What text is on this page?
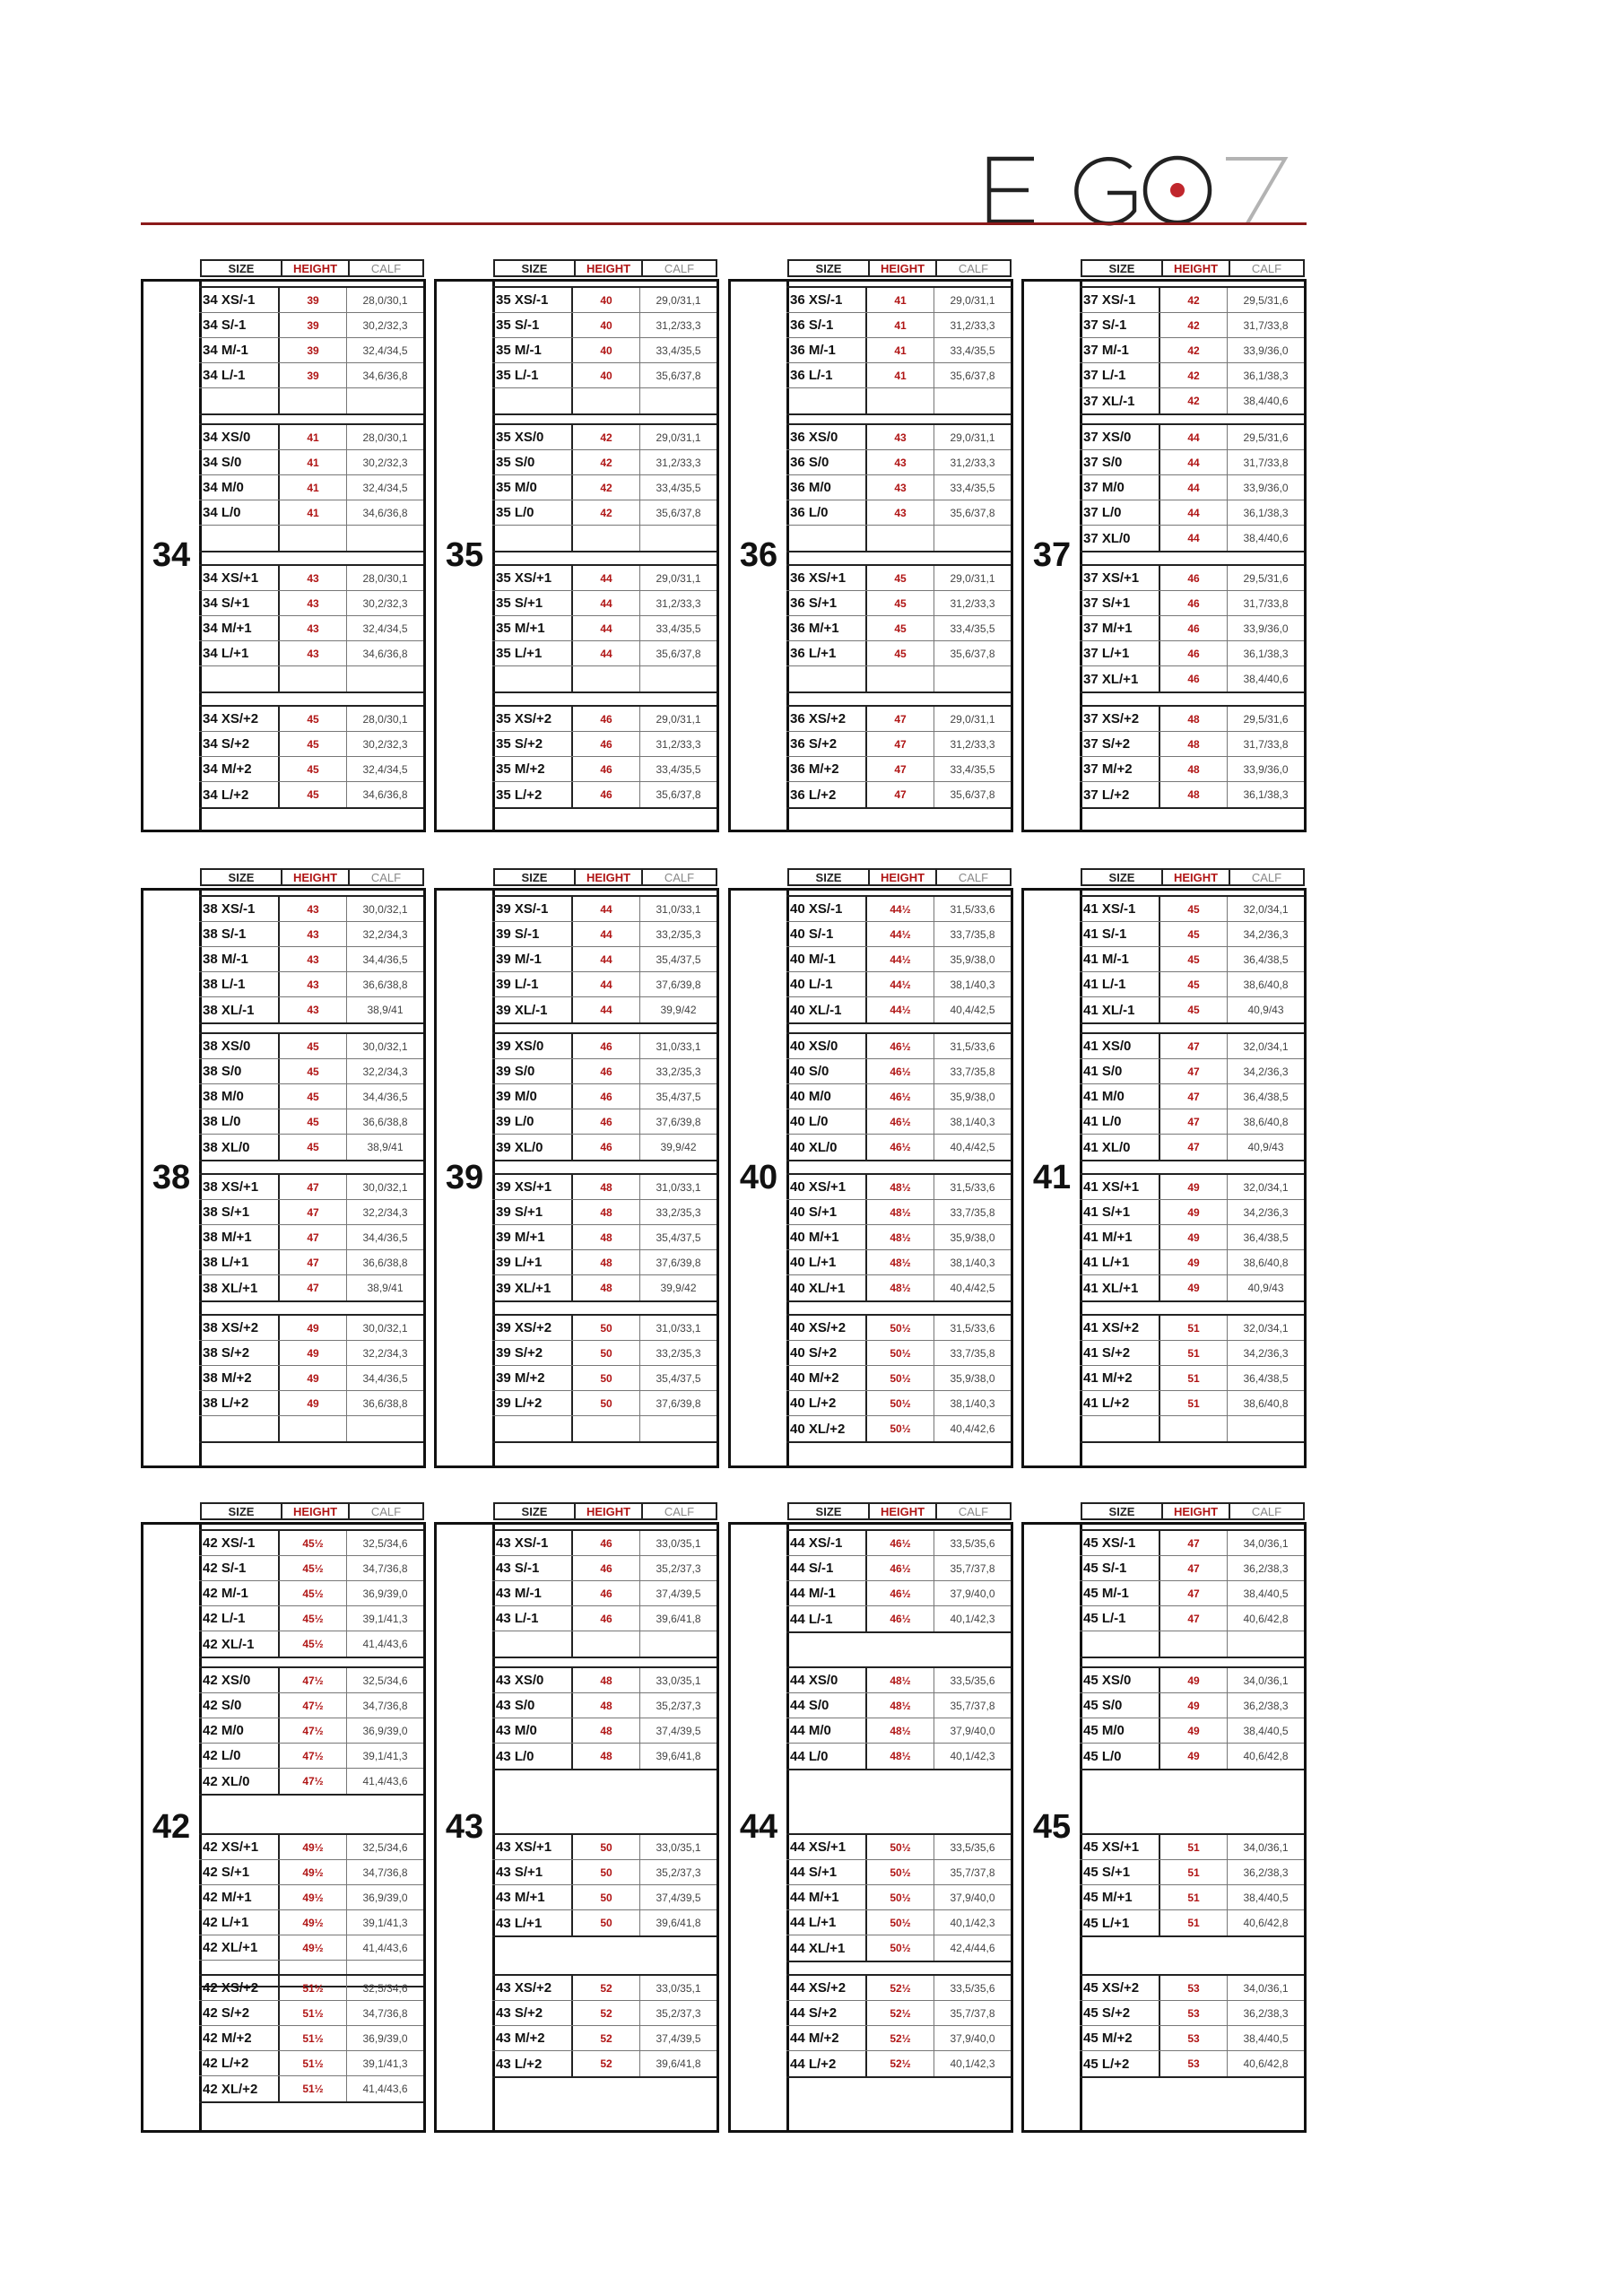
SIZE	HEIGHT	CALF
34
34 XS/-1	39	28,0/30,1
34 S/-1	39	30,2/32,3
34 M/-1	39	32,4/34,5
34 L/-1	39	34,6/36,8
34 XS/0	41	28,0/30,1
34 S/0	41	30,2/32,3
34 M/0	41	32,4/34,5
34 L/0	41	34,6/36,8
34 XS/+1	43	28,0/30,1
34 S/+1	43	30,2/32,3
34 M/+1	43	32,4/34,5
34 L/+1	43	34,6/36,8
34 XS/+2	45	28,0/30,1
34 S/+2	45	30,2/32,3
34 M/+2	45	32,4/34,5
34 L/+2	45	34,6/36,8
SIZE	HEIGHT	CALF
35
35 XS/-1	40	29,0/31,1
35 S/-1	40	31,2/33,3
35 M/-1	40	33,4/35,5
35 L/-1	40	35,6/37,8
35 XS/0	42	29,0/31,1
35 S/0	42	31,2/33,3
35 M/0	42	33,4/35,5
35 L/0	42	35,6/37,8
35 XS/+1	44	29,0/31,1
35 S/+1	44	31,2/33,3
35 M/+1	44	33,4/35,5
35 L/+1	44	35,6/37,8
35 XS/+2	46	29,0/31,1
35 S/+2	46	31,2/33,3
35 M/+2	46	33,4/35,5
35 L/+2	46	35,6/37,8
SIZE	HEIGHT	CALF
36
36 XS/-1	41	29,0/31,1
36 S/-1	41	31,2/33,3
36 M/-1	41	33,4/35,5
36 L/-1	41	35,6/37,8
36 XS/0	43	29,0/31,1
36 S/0	43	31,2/33,3
36 M/0	43	33,4/35,5
36 L/0	43	35,6/37,8
36 XS/+1	45	29,0/31,1
36 S/+1	45	31,2/33,3
36 M/+1	45	33,4/35,5
36 L/+1	45	35,6/37,8
36 XS/+2	47	29,0/31,1
36 S/+2	47	31,2/33,3
36 M/+2	47	33,4/35,5
36 L/+2	47	35,6/37,8
SIZE	HEIGHT	CALF
37
37 XS/-1	42	29,5/31,6
37 S/-1	42	31,7/33,8
37 M/-1	42	33,9/36,0
37 L/-1	42	36,1/38,3
37 XL/-1	42	38,4/40,6
37 XS/0	44	29,5/31,6
37 S/0	44	31,7/33,8
37 M/0	44	33,9/36,0
37 L/0	44	36,1/38,3
37 XL/0	44	38,4/40,6
37 XS/+1	46	29,5/31,6
37 S/+1	46	31,7/33,8
37 M/+1	46	33,9/36,0
37 L/+1	46	36,1/38,3
37 XL/+1	46	38,4/40,6
37 XS/+2	48	29,5/31,6
37 S/+2	48	31,7/33,8
37 M/+2	48	33,9/36,0
37 L/+2	48	36,1/38,3
SIZE	HEIGHT	CALF
38
38 XS/-1	43	30,0/32,1
38 S/-1	43	32,2/34,3
38 M/-1	43	34,4/36,5
38 L/-1	43	36,6/38,8
38 XL/-1	43	38,9/41
38 XS/0	45	30,0/32,1
38 S/0	45	32,2/34,3
38 M/0	45	34,4/36,5
38 L/0	45	36,6/38,8
38 XL/0	45	38,9/41
38 XS/+1	47	30,0/32,1
38 S/+1	47	32,2/34,3
38 M/+1	47	34,4/36,5
38 L/+1	47	36,6/38,8
38 XL/+1	47	38,9/41
38 XS/+2	49	30,0/32,1
38 S/+2	49	32,2/34,3
38 M/+2	49	34,4/36,5
38 L/+2	49	36,6/38,8
SIZE	HEIGHT	CALF
39
39 XS/-1	44	31,0/33,1
39 S/-1	44	33,2/35,3
39 M/-1	44	35,4/37,5
39 L/-1	44	37,6/39,8
39 XL/-1	44	39,9/42
39 XS/0	46	31,0/33,1
39 S/0	46	33,2/35,3
39 M/0	46	35,4/37,5
39 L/0	46	37,6/39,8
39 XL/0	46	39,9/42
39 XS/+1	48	31,0/33,1
39 S/+1	48	33,2/35,3
39 M/+1	48	35,4/37,5
39 L/+1	48	37,6/39,8
39 XL/+1	48	39,9/42
39 XS/+2	50	31,0/33,1
39 S/+2	50	33,2/35,3
39 M/+2	50	35,4/37,5
39 L/+2	50	37,6/39,8
SIZE	HEIGHT	CALF
40
40 XS/-1	44½	31,5/33,6
40 S/-1	44½	33,7/35,8
40 M/-1	44½	35,9/38,0
40 L/-1	44½	38,1/40,3
40 XL/-1	44½	40,4/42,5
40 XS/0	46½	31,5/33,6
40 S/0	46½	33,7/35,8
40 M/0	46½	35,9/38,0
40 L/0	46½	38,1/40,3
40 XL/0	46½	40,4/42,5
40 XS/+1	48½	31,5/33,6
40 S/+1	48½	33,7/35,8
40 M/+1	48½	35,9/38,0
40 L/+1	48½	38,1/40,3
40 XL/+1	48½	40,4/42,5
40 XS/+2	50½	31,5/33,6
40 S/+2	50½	33,7/35,8
40 M/+2	50½	35,9/38,0
40 L/+2	50½	38,1/40,3
40 XL/+2	50½	40,4/42,6
SIZE	HEIGHT	CALF
41
41 XS/-1	45	32,0/34,1
41 S/-1	45	34,2/36,3
41 M/-1	45	36,4/38,5
41 L/-1	45	38,6/40,8
41 XL/-1	45	40,9/43
41 XS/0	47	32,0/34,1
41 S/0	47	34,2/36,3
41 M/0	47	36,4/38,5
41 L/0	47	38,6/40,8
41 XL/0	47	40,9/43
41 XS/+1	49	32,0/34,1
41 S/+1	49	34,2/36,3
41 M/+1	49	36,4/38,5
41 L/+1	49	38,6/40,8
41 XL/+1	49	40,9/43
41 XS/+2	51	32,0/34,1
41 S/+2	51	34,2/36,3
41 M/+2	51	36,4/38,5
41 L/+2	51	38,6/40,8
SIZE	HEIGHT	CALF
42
42 XS/-1	45½	32,5/34,6
42 S/-1	45½	34,7/36,8
42 M/-1	45½	36,9/39,0
42 L/-1	45½	39,1/41,3
42 XL/-1	45½	41,4/43,6
42 XS/0	47½	32,5/34,6
42 S/0	47½	34,7/36,8
42 M/0	47½	36,9/39,0
42 L/0	47½	39,1/41,3
42 XL/0	47½	41,4/43,6
42 XS/+1	49½	32,5/34,6
42 S/+1	49½	34,7/36,8
42 M/+1	49½	36,9/39,0
42 L/+1	49½	39,1/41,3
42 XL/+1	49½	41,4/43,6
42 XS/+2	51½	32,5/34,6
42 S/+2	51½	34,7/36,8
42 M/+2	51½	36,9/39,0
42 L/+2	51½	39,1/41,3
42 XL/+2	51½	41,4/43,6
SIZE	HEIGHT	CALF
43
43 XS/-1	46	33,0/35,1
43 S/-1	46	35,2/37,3
43 M/-1	46	37,4/39,5
43 L/-1	46	39,6/41,8
43 XS/0	48	33,0/35,1
43 S/0	48	35,2/37,3
43 M/0	48	37,4/39,5
43 L/0	48	39,6/41,8
43 XS/+1	50	33,0/35,1
43 S/+1	50	35,2/37,3
43 M/+1	50	37,4/39,5
43 L/+1	50	39,6/41,8
43 XS/+2	52	33,0/35,1
43 S/+2	52	35,2/37,3
43 M/+2	52	37,4/39,5
43 L/+2	52	39,6/41,8
SIZE	HEIGHT	CALF
44
44 XS/-1	46½	33,5/35,6
44 S/-1	46½	35,7/37,8
44 M/-1	46½	37,9/40,0
44 L/-1	46½	40,1/42,3
44 XS/0	48½	33,5/35,6
44 S/0	48½	35,7/37,8
44 M/0	48½	37,9/40,0
44 L/0	48½	40,1/42,3
44 XS/+1	50½	33,5/35,6
44 S/+1	50½	35,7/37,8
44 M/+1	50½	37,9/40,0
44 L/+1	50½	40,1/42,3
44 XL/+1	50½	42,4/44,6
44 XS/+2	52½	33,5/35,6
44 S/+2	52½	35,7/37,8
44 M/+2	52½	37,9/40,0
44 L/+2	52½	40,1/42,3
SIZE	HEIGHT	CALF
45
45 XS/-1	47	34,0/36,1
45 S/-1	47	36,2/38,3
45 M/-1	47	38,4/40,5
45 L/-1	47	40,6/42,8
45 XS/0	49	34,0/36,1
45 S/0	49	36,2/38,3
45 M/0	49	38,4/40,5
45 L/0	49	40,6/42,8
45 XS/+1	51	34,0/36,1
45 S/+1	51	36,2/38,3
45 M/+1	51	38,4/40,5
45 L/+1	51	40,6/42,8
45 XS/+2	53	34,0/36,1
45 S/+2	53	36,2/38,3
45 M/+2	53	38,4/40,5
45 L/+2	53	40,6/42,8
